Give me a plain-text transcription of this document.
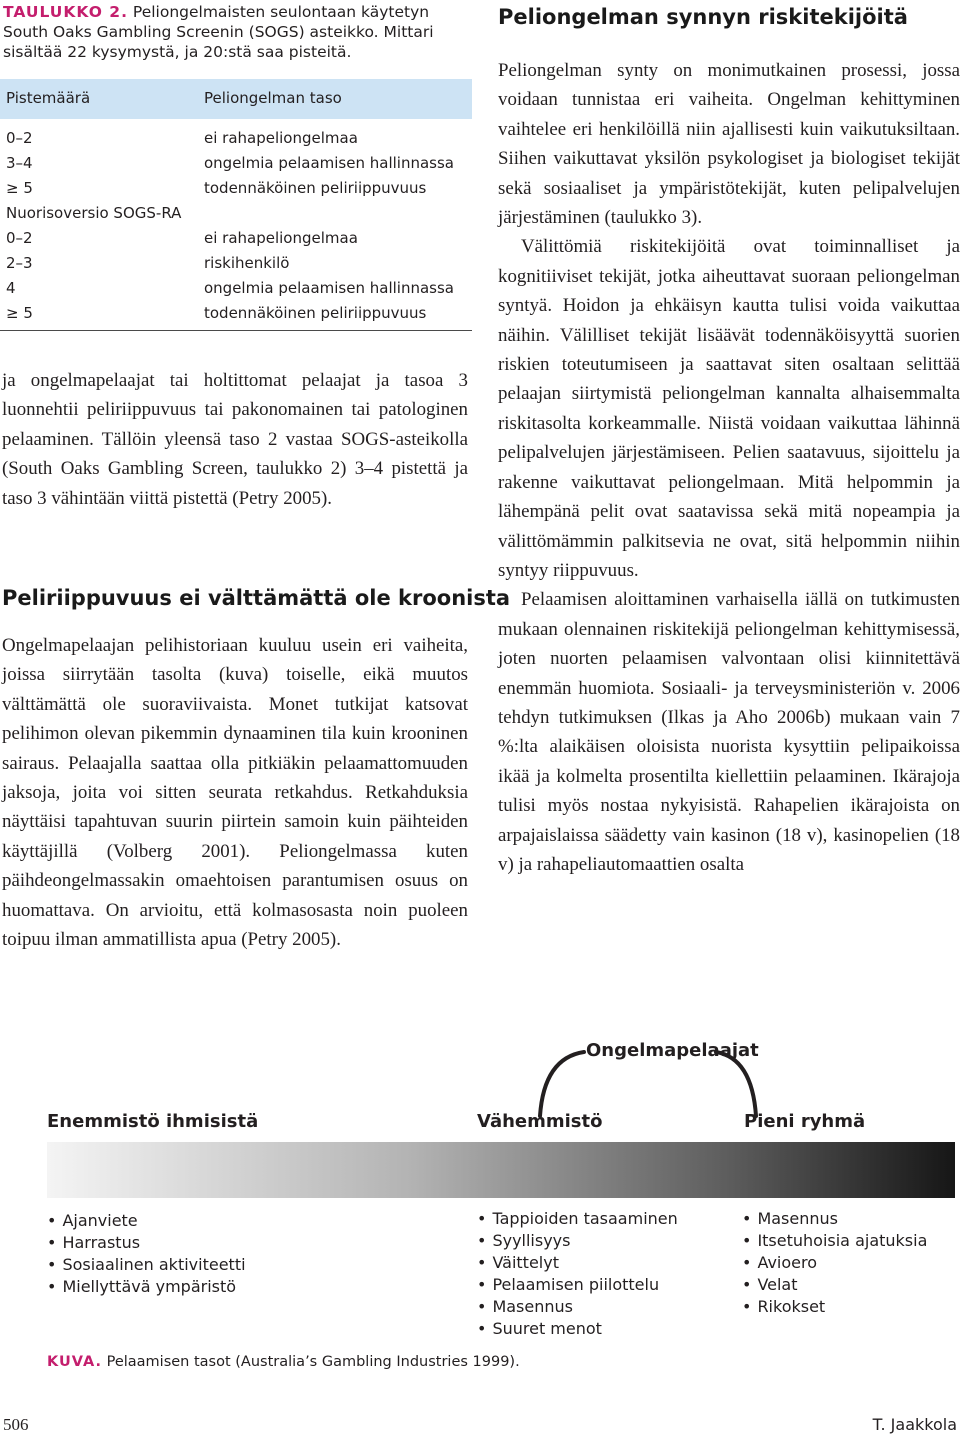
TAULUKKO 2. Peliongelmaisten seulontaan käytetyn South Oaks Gambling Screenin (SOGS) asteikko. Mittari sisältää 22 kysymystä, ja 20:stä saa pisteitä.
Pistemäärä	Peliongelman taso
0–2	ei rahapeliongelmaa
3–4	ongelmia pelaamisen hallinnassa
≥ 5	todennäköinen peliriippuvuus
Nuorisoversio SOGS-RA
0–2	ei rahapeliongelmaa
2–3	riskihenkilö
4	ongelmia pelaamisen hallinnassa
≥ 5	todennäköinen peliriippuvuus

ja ongelmapelaajat tai holtittomat pelaajat ja tasoa 3 luonnehtii peliriippuvuus tai pakonomainen tai patologinen pelaaminen. Tällöin yleensä taso 2 vastaa SOGS-asteikolla (South Oaks Gambling Screen, taulukko 2) 3–4 pistettä ja taso 3 vähintään viittä pistettä (Petry 2005).

Peliriippuvuus ei välttämättä ole kroonista

Ongelmapelaajan pelihistoriaan kuuluu usein eri vaiheita, joissa siirrytään tasolta (kuva) toiselle, eikä muutos välttämättä ole suoraviivaista. Monet tutkijat katsovat pelihimon olevan pikemmin dynaaminen tila kuin krooninen sairaus. Pelaajalla saattaa olla pitkiäkin pelaamattomuuden jaksoja, joita voi sitten seurata retkahdus. Retkahduksia näyttäisi tapahtuvan suurin piirtein samoin kuin päihteiden käyttäjillä (Volberg 2001). Peliongelmassa kuten päihdeongelmassakin omaehtoisen parantumisen osuus on huomattava. On arvioitu, että kolmasosasta noin puoleen toipuu ilman ammatillista apua (Petry 2005).

Peliongelman synnyn riskitekijöitä

Peliongelman synty on monimutkainen prosessi, jossa voidaan tunnistaa eri vaiheita. Ongelman kehittyminen vaihtelee eri henkilöillä niin ajallisesti kuin vaikutuksiltaan. Siihen vaikuttavat yksilön psykologiset ja biologiset tekijät sekä sosiaaliset ja ympäristötekijät, kuten pelipalvelujen järjestäminen (taulukko 3).

Välittömiä riskitekijöitä ovat toiminnalliset ja kognitiiviset tekijät, jotka aiheuttavat suoraan peliongelman syntyä. Hoidon ja ehkäisyn kautta tulisi voida vaikuttaa näihin. Välilliset tekijät lisäävät todennäköisyyttä suorien riskien toteutumiseen ja saattavat siten osaltaan selittää pelaajan siirtymistä peliongelman kannalta alhaisemmalta riskitasolta korkeammalle. Niistä voidaan vaikuttaa lähinnä pelipalvelujen järjestämiseen. Pelien saatavuus, sijoittelu ja rakenne vaikuttavat peliongelmaan. Mitä helpommin ja lähempänä pelit ovat saatavissa sekä mitä nopeampia ja välittömämmin palkitsevia ne ovat, sitä helpommin niihin syntyy riippuvuus.

Pelaamisen aloittaminen varhaisella iällä on tutkimusten mukaan olennainen riskitekijä peliongelman kehittymisessä, joten nuorten pelaamisen valvontaan olisi kiinnitettävä enemmän huomiota. Sosiaali- ja terveysministeriön v. 2006 tehdyn tutkimuksen (Ilkas ja Aho 2006b) mukaan vain 7 %:lta alaikäisen oloisista nuorista kysyttiin pelipaikoissa ikää ja kolmelta prosentilta kiellettiin pelaaminen. Ikärajoja tulisi myös nostaa nykyisistä. Rahapelien ikärajoista on arpajaislaissa säädetty vain kasinon (18 v), kasinopelien (18 v) ja rahapeliautomaattien osalta

Ongelmapelaajat
Enemmistö ihmisistä	Vähemmistö	Pieni ryhmä
• Ajanviete
• Harrastus
• Sosiaalinen aktiviteetti
• Miellyttävä ympäristö
• Tappioiden tasaaminen
• Syyllisyys
• Väittelyt
• Pelaamisen piilottelu
• Masennus
• Suuret menot
• Masennus
• Itsetuhoisia ajatuksia
• Avioero
• Velat
• Rikokset
KUVA. Pelaamisen tasot (Australia’s Gambling Industries 1999).
506	T. Jaakkola
